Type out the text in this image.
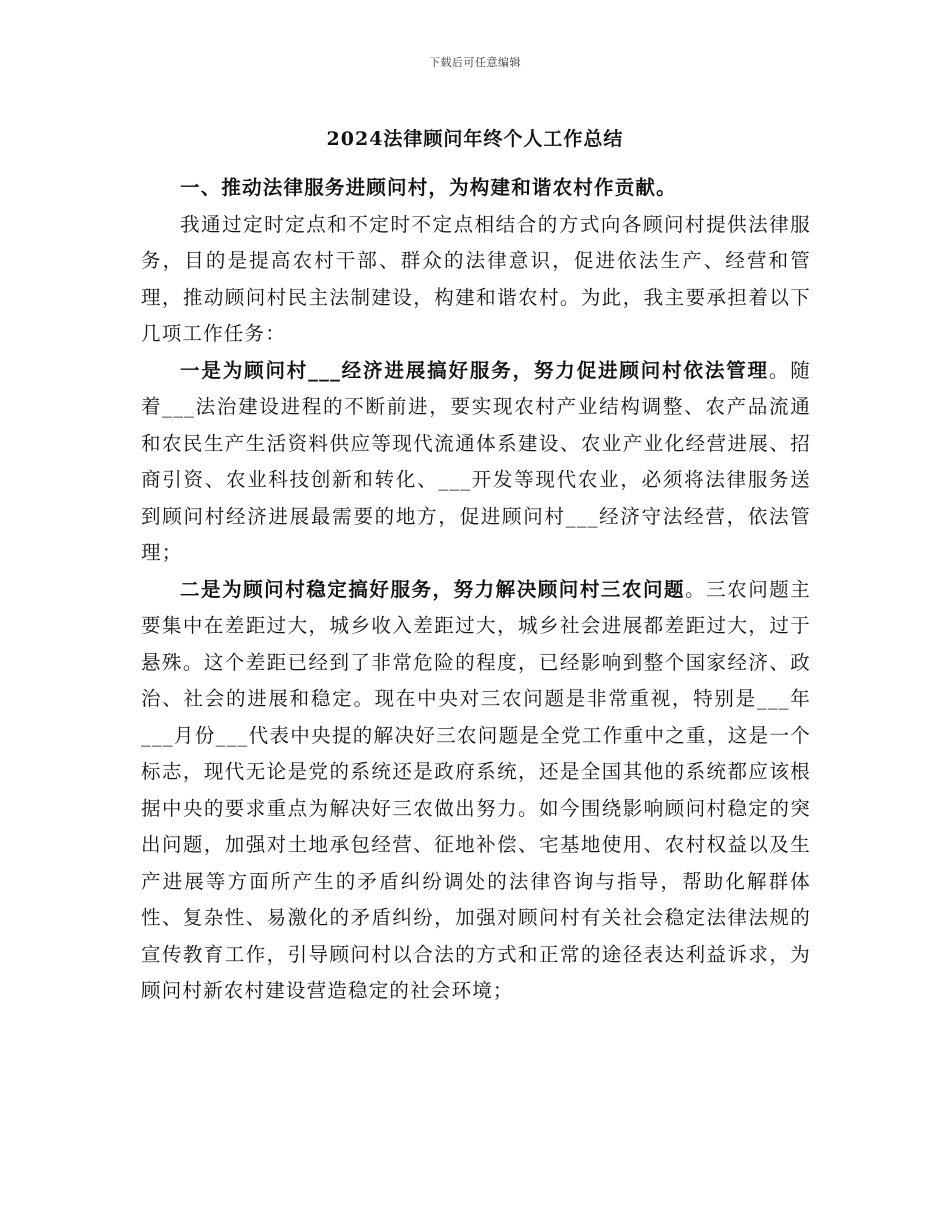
下载后可任意编辑
2024法律顾问年终个人工作总结
一、推动法律服务进顾问村，为构建和谐农村作贡献。

我通过定时定点和不定时不定点相结合的方式向各顾问村提供法律服务，目的是提高农村干部、群众的法律意识，促进依法生产、经营和管理，推动顾问村民主法制建设，构建和谐农村。为此，我主要承担着以下几项工作任务：

一是为顾问村___经济进展搞好服务，努力促进顾问村依法管理。随着___法治建设进程的不断前进，要实现农村产业结构调整、农产品流通和农民生产生活资料供应等现代流通体系建设、农业产业化经营进展、招商引资、农业科技创新和转化、___开发等现代农业，必须将法律服务送到顾问村经济进展最需要的地方，促进顾问村___经济守法经营，依法管理；

二是为顾问村稳定搞好服务，努力解决顾问村三农问题。三农问题主要集中在差距过大，城乡收入差距过大，城乡社会进展都差距过大，过于悬殊。这个差距已经到了非常危险的程度，已经影响到整个国家经济、政治、社会的进展和稳定。现在中央对三农问题是非常重视，特别是___年___月份___代表中央提的解决好三农问题是全党工作重中之重，这是一个标志，现代无论是党的系统还是政府系统，还是全国其他的系统都应该根据中央的要求重点为解决好三农做出努力。如今围绕影响顾问村稳定的突出问题，加强对土地承包经营、征地补偿、宅基地使用、农村权益以及生产进展等方面所产生的矛盾纠纷调处的法律咨询与指导，帮助化解群体性、复杂性、易激化的矛盾纠纷，加强对顾问村有关社会稳定法律法规的宣传教育工作，引导顾问村以合法的方式和正常的途径表达利益诉求，为顾问村新农村建设营造稳定的社会环境；
